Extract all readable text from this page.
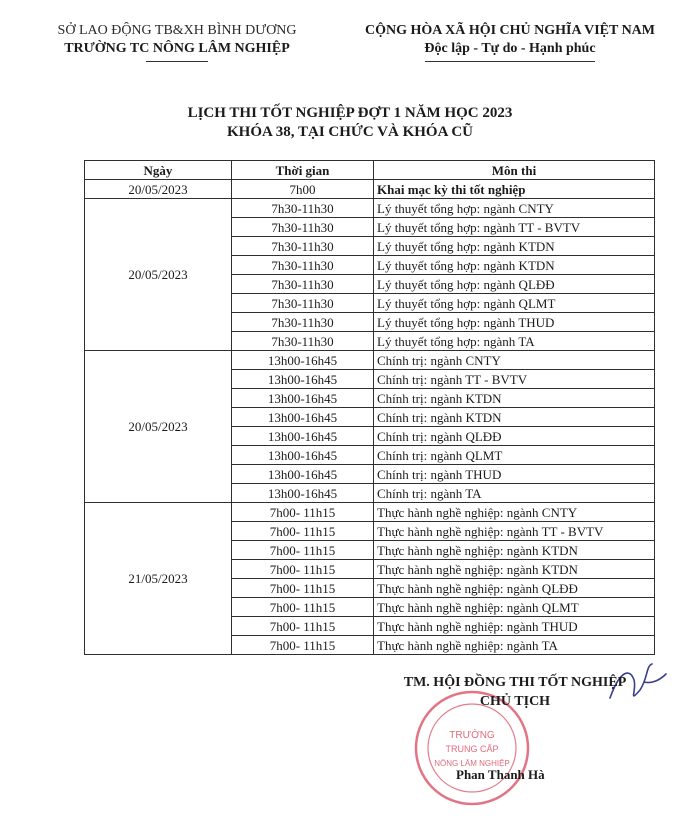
SỞ LAO ĐỘNG TB&XH BÌNH DƯƠNG
TRƯỜNG TC NÔNG LÂM NGHIỆP
CỘNG HÒA XÃ HỘI CHỦ NGHĨA VIỆT NAM
Độc lập - Tự do - Hạnh phúc
LỊCH THI TỐT NGHIỆP ĐỢT 1 NĂM HỌC 2023
KHÓA 38, TẠI CHỨC VÀ KHÓA CŨ
Ngày	Thời gian	Môn thi
20/05/2023	7h00	Khai mạc kỳ thi tốt nghiệp
20/05/2023	7h30-11h30	Lý thuyết tổng hợp: ngành CNTY
	7h30-11h30	Lý thuyết tổng hợp: ngành TT - BVTV
	7h30-11h30	Lý thuyết tổng hợp: ngành KTDN
	7h30-11h30	Lý thuyết tổng hợp: ngành KTDN
	7h30-11h30	Lý thuyết tổng hợp: ngành QLĐĐ
	7h30-11h30	Lý thuyết tổng hợp: ngành QLMT
	7h30-11h30	Lý thuyết tổng hợp: ngành THUD
	7h30-11h30	Lý thuyết tổng hợp: ngành TA
20/05/2023	13h00-16h45	Chính trị: ngành CNTY
	13h00-16h45	Chính trị: ngành TT - BVTV
	13h00-16h45	Chính trị: ngành KTDN
	13h00-16h45	Chính trị: ngành KTDN
	13h00-16h45	Chính trị: ngành QLĐĐ
	13h00-16h45	Chính trị: ngành QLMT
	13h00-16h45	Chính trị: ngành THUD
	13h00-16h45	Chính trị: ngành TA
21/05/2023	7h00- 11h15	Thực hành nghề nghiệp: ngành CNTY
	7h00- 11h15	Thực hành nghề nghiệp: ngành TT - BVTV
	7h00- 11h15	Thực hành nghề nghiệp: ngành KTDN
	7h00- 11h15	Thực hành nghề nghiệp: ngành KTDN
	7h00- 11h15	Thực hành nghề nghiệp: ngành QLĐĐ
	7h00- 11h15	Thực hành nghề nghiệp: ngành QLMT
	7h00- 11h15	Thực hành nghề nghiệp: ngành THUD
	7h00- 11h15	Thực hành nghề nghiệp: ngành TA
TRƯỜNG
TRUNG CẤP
NÔNG LÂM NGHIỆP
TM. HỘI ĐỒNG THI TỐT NGHIỆP
CHỦ TỊCH
Phan Thanh Hà
